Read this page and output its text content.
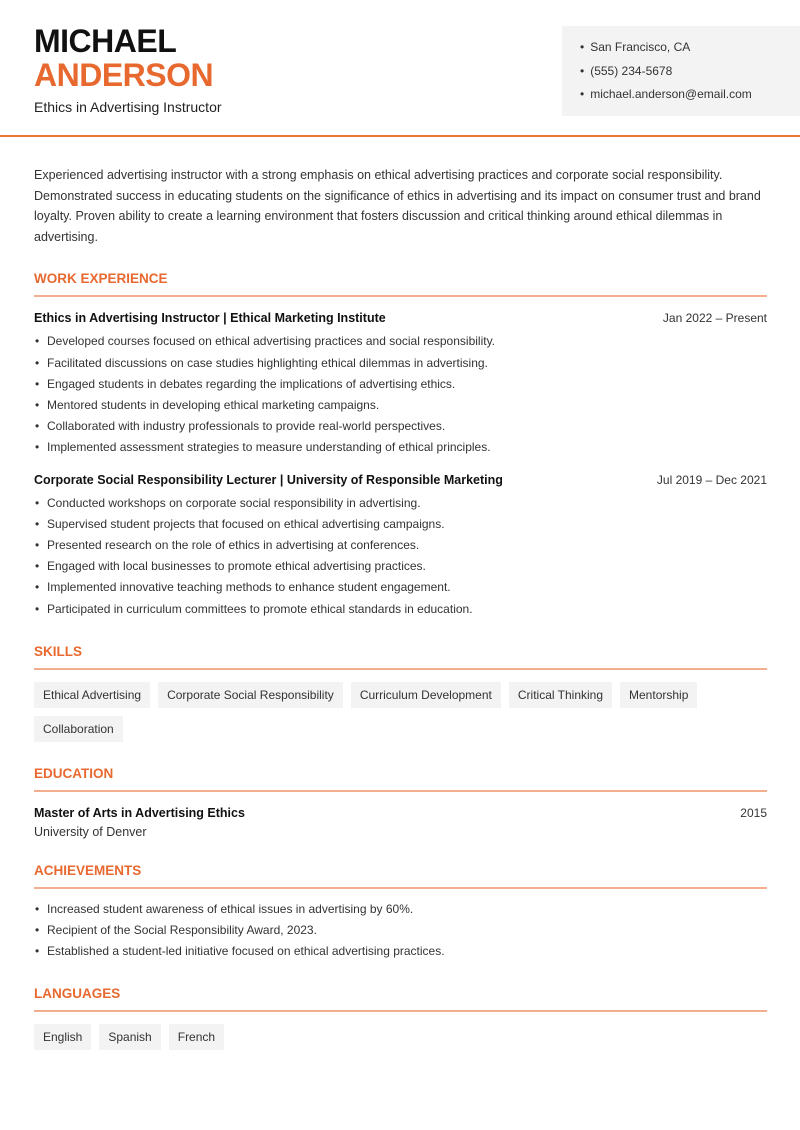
MICHAEL
ANDERSON
Ethics in Advertising Instructor
• San Francisco, CA
• (555) 234-5678
• michael.anderson@email.com

Experienced advertising instructor with a strong emphasis on ethical advertising practices and corporate social responsibility. Demonstrated success in educating students on the significance of ethics in advertising and its impact on consumer trust and brand loyalty. Proven ability to create a learning environment that fosters discussion and critical thinking around ethical dilemmas in advertising.

WORK EXPERIENCE
Ethics in Advertising Instructor | Ethical Marketing Institute	Jan 2022 – Present
• Developed courses focused on ethical advertising practices and social responsibility.
• Facilitated discussions on case studies highlighting ethical dilemmas in advertising.
• Engaged students in debates regarding the implications of advertising ethics.
• Mentored students in developing ethical marketing campaigns.
• Collaborated with industry professionals to provide real-world perspectives.
• Implemented assessment strategies to measure understanding of ethical principles.
Corporate Social Responsibility Lecturer | University of Responsible Marketing	Jul 2019 – Dec 2021
• Conducted workshops on corporate social responsibility in advertising.
• Supervised student projects that focused on ethical advertising campaigns.
• Presented research on the role of ethics in advertising at conferences.
• Engaged with local businesses to promote ethical advertising practices.
• Implemented innovative teaching methods to enhance student engagement.
• Participated in curriculum committees to promote ethical standards in education.
SKILLS
Ethical Advertising	Corporate Social Responsibility	Curriculum Development	Critical Thinking	Mentorship
Collaboration
EDUCATION
Master of Arts in Advertising Ethics	2015
University of Denver
ACHIEVEMENTS
• Increased student awareness of ethical issues in advertising by 60%.
• Recipient of the Social Responsibility Award, 2023.
• Established a student-led initiative focused on ethical advertising practices.
LANGUAGES
English	Spanish	French
